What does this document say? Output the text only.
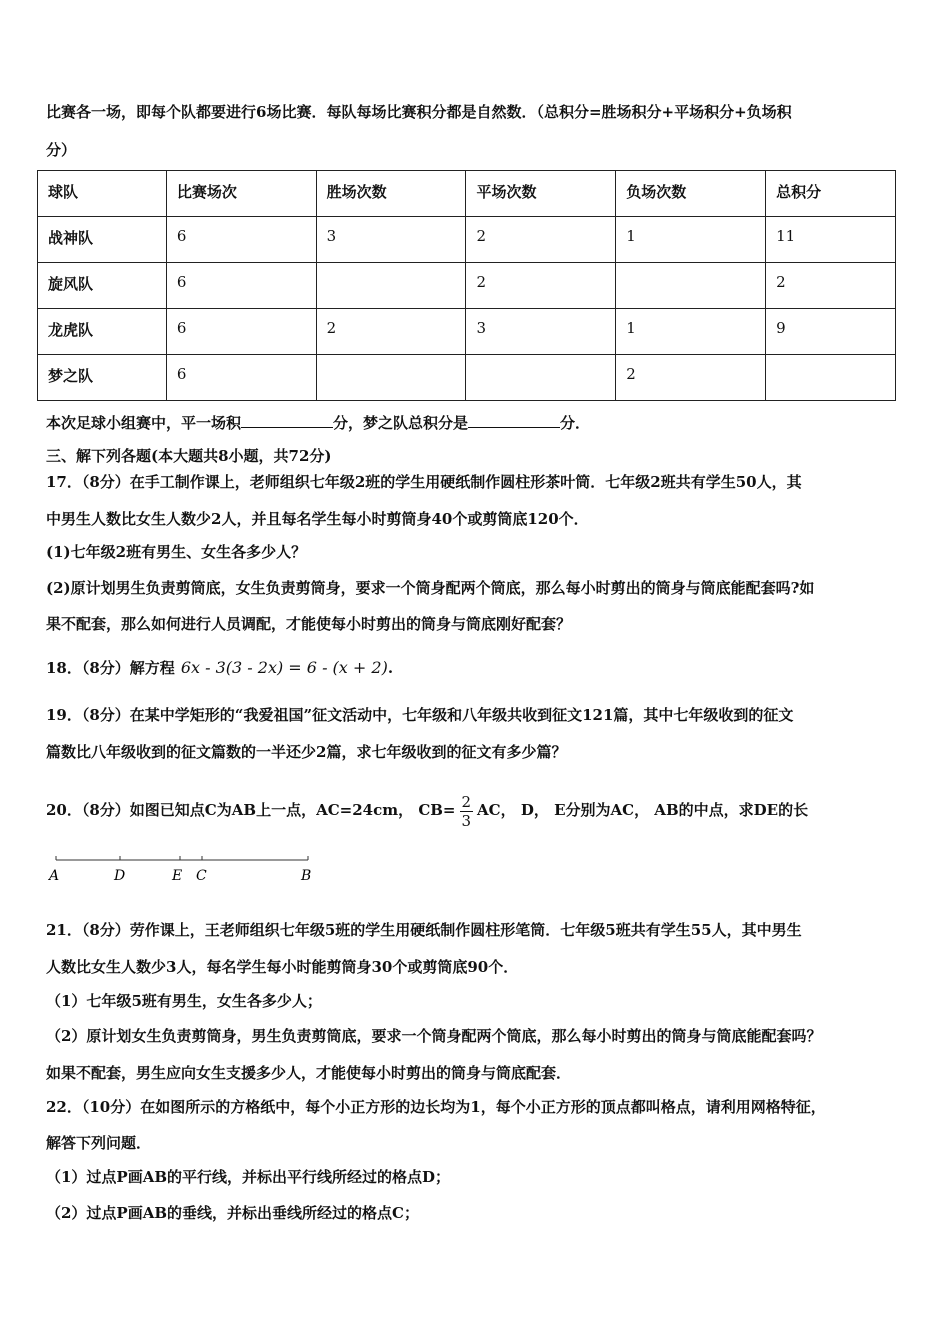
比赛各一场，即每个队都要进行6场比赛．每队每场比赛积分都是自然数．（总积分=胜场积分+平场积分+负场积
分）
球队	比赛场次	胜场次数	平场次数	负场次数	总积分
战神队	6	3	2	1	11
旋风队	6		2		2
龙虎队	6	2	3	1	9
梦之队	6			2	
本次足球小组赛中，平一场积	分，梦之队总积分是	分．
三、解下列各题(本大题共8小题，共72分)
17．（8分）在手工制作课上，老师组织七年级2班的学生用硬纸制作圆柱形茶叶筒．七年级2班共有学生50人，其
中男生人数比女生人数少2人，并且每名学生每小时剪筒身40个或剪筒底120个．
(1)七年级2班有男生、女生各多少人？
(2)原计划男生负责剪筒底，女生负责剪筒身，要求一个筒身配两个筒底，那么每小时剪出的筒身与筒底能配套吗?如
果不配套，那么如何进行人员调配，才能使每小时剪出的筒身与筒底刚好配套？
18．（8分）解方程 6x - 3(3 - 2x) = 6 - (x + 2).
19．（8分）在某中学矩形的“我爱祖国”征文活动中，七年级和八年级共收到征文121篇，其中七年级收到的征文
篇数比八年级收到的征文篇数的一半还少2篇，求七年级收到的征文有多少篇？
20．（8分）如图已知点C为AB上一点，AC=24cm， $CB= \frac{2}{3}$ AC， D， E分别为AC， AB的中点，求DE的长
A	D	E C	B
21．（8分）劳作课上，王老师组织七年级5班的学生用硬纸制作圆柱形笔筒．七年级5班共有学生55人，其中男生
人数比女生人数少3人，每名学生每小时能剪筒身30个或剪筒底90个．
（1）七年级5班有男生，女生各多少人；
（2）原计划女生负责剪筒身，男生负责剪筒底，要求一个筒身配两个筒底，那么每小时剪出的筒身与筒底能配套吗？
如果不配套，男生应向女生支援多少人，才能使每小时剪出的筒身与筒底配套．
22．（10分）在如图所示的方格纸中，每个小正方形的边长均为1，每个小正方形的顶点都叫格点，请利用网格特征，
解答下列问题．
（1）过点P画AB的平行线，并标出平行线所经过的格点D；
（2）过点P画AB的垂线，并标出垂线所经过的格点C；
